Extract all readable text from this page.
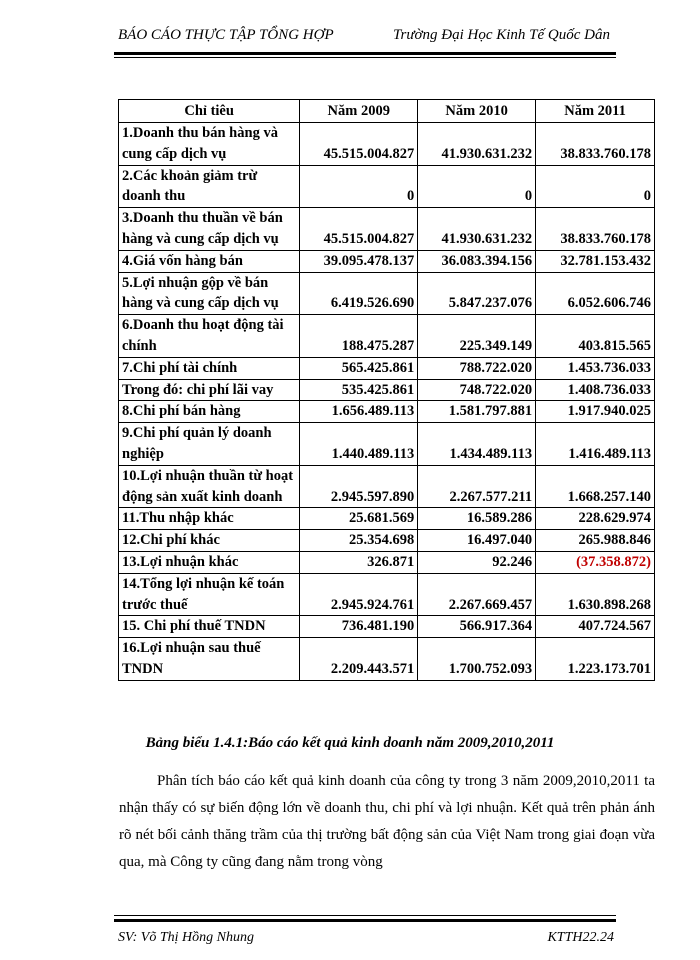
BÁO CÁO THỰC TẬP TỔNG HỢP	Trường Đại Học Kinh Tế Quốc Dân
Chỉ tiêu	Năm 2009	Năm 2010	Năm 2011
1.Doanh thu bán hàng và cung cấp dịch vụ	45.515.004.827	41.930.631.232	38.833.760.178
2.Các khoản giảm trừ doanh thu	0	0	0
3.Doanh thu thuần về bán hàng và cung cấp dịch vụ	45.515.004.827	41.930.631.232	38.833.760.178
4.Giá vốn hàng bán	39.095.478.137	36.083.394.156	32.781.153.432
5.Lợi nhuận gộp về bán hàng và cung cấp dịch vụ	6.419.526.690	5.847.237.076	6.052.606.746
6.Doanh thu hoạt động tài chính	188.475.287	225.349.149	403.815.565
7.Chi phí tài chính	565.425.861	788.722.020	1.453.736.033
Trong đó: chi phí lãi vay	535.425.861	748.722.020	1.408.736.033
8.Chi phí bán hàng	1.656.489.113	1.581.797.881	1.917.940.025
9.Chi phí quản lý doanh nghiệp	1.440.489.113	1.434.489.113	1.416.489.113
10.Lợi nhuận thuần từ hoạt động sản xuất kinh doanh	2.945.597.890	2.267.577.211	1.668.257.140
11.Thu nhập khác	25.681.569	16.589.286	228.629.974
12.Chi phí khác	25.354.698	16.497.040	265.988.846
13.Lợi nhuận khác	326.871	92.246	(37.358.872)
14.Tổng lợi nhuận kế toán trước thuế	2.945.924.761	2.267.669.457	1.630.898.268
15. Chi phí thuế TNDN	736.481.190	566.917.364	407.724.567
16.Lợi nhuận sau thuế TNDN	2.209.443.571	1.700.752.093	1.223.173.701
Bảng biểu 1.4.1:Báo cáo kết quả kinh doanh năm 2009,2010,2011
Phân tích báo cáo kết quả kinh doanh của công ty trong 3 năm 2009,2010,2011 ta nhận thấy có sự biến động lớn về doanh thu, chi phí và lợi nhuận. Kết quả trên phản ánh rõ nét bối cảnh thăng trầm của thị trường bất động sản của Việt Nam trong giai đoạn vừa qua, mà Công ty cũng đang nằm trong vòng
SV: Võ Thị Hồng Nhung	KTTH22.24
